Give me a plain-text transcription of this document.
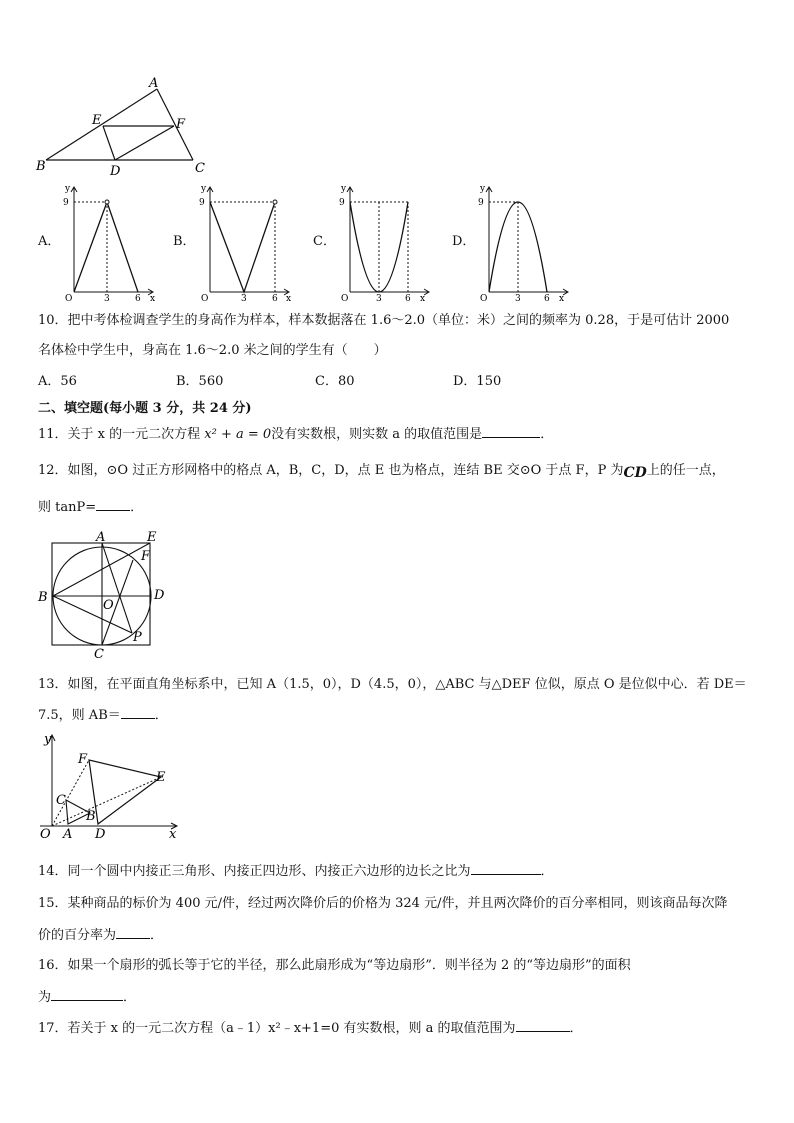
A
E	F
B	D	C
A．	B．	C．	D．
y
9
O	3	6 x
y
9
O	3	6 x
y
9
O	3	6 x
y
9
O	3	6 x
10．把中考体检调查学生的身高作为样本，样本数据落在 1.6～2.0（单位：米）之间的频率为 0.28，于是可估计 2000
名体检中学生中，身高在 1.6～2.0 米之间的学生有（　　）
A．56	B．560	C．80	D．150
二、填空题(每小题 3 分，共 24 分)
11．关于 x 的一元二次方程 x² + a = 0没有实数根，则实数 a 的取值范围是	．
12．如图，⊙O 过正方形网格中的格点 A，B，C，D，点 E 也为格点，连结 BE 交⊙O 于点 F，P 为CD上的任一点，
则 tanP=	．
A	E
F
B
O
D
P
C
13．如图，在平面直角坐标系中，已知 A（1.5，0），D（4.5，0），△ABC 与△DEF 位似，原点 O 是位似中心．若 DE＝
7.5，则 AB＝	．
y
F
E
C
B
O A D	x
14．同一个圆中内接正三角形、内接正四边形、内接正六边形的边长之比为	．
15．某种商品的标价为 400 元/件，经过两次降价后的价格为 324 元/件，并且两次降价的百分率相同，则该商品每次降
价的百分率为	．
16．如果一个扇形的弧长等于它的半径，那么此扇形成为“等边扇形”．则半径为 2 的“等边扇形”的面积
为	．
17．若关于 x 的一元二次方程（a﹣1）x²﹣x+1=0 有实数根，则 a 的取值范围为	．
